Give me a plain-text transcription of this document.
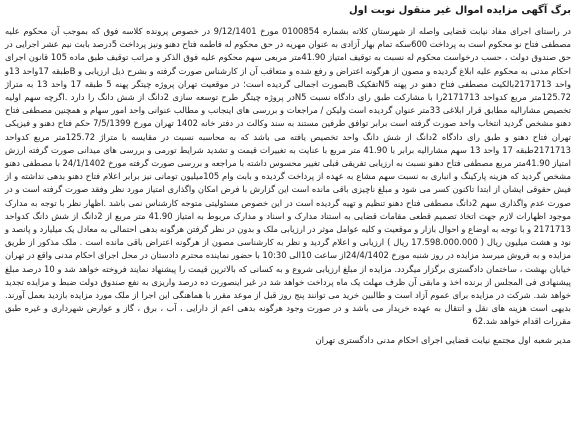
برگ آگهی مزایده اموال غیر منقول نوبت اول

در راستای اجرای مفاد نیابت قضایی واصله از شهرستان کلاته بشماره 0100854 مورخ 9/12/1401 در خصوص پرونده کلاسه فوق که بموجب آن محکوم علیه مصطفی فتاح نو محکوم است به پرداخت 600سکه تمام بهار آزادی به عنوان مهریه در حق محکوم له فاطمه فتاح دهنو ونیز پرداخت 5درصد بابت نیم عشر اجرایی در حق صندوق دولت ، حسب درخواست محکوم له نسبت به توقیف امتیاز 41.90متر مربعی سهم محکوم علیه فوق الذکر و مراتب توقیف طبق ماده 105 قانون اجرای احکام مدنی به محکوم علیه ابلاغ گردیده و مصون از هرگونه اعتراض و رفع شده و متعاقب آن از کارشناس صورت گرفته و بشرح ذیل ارزیابی و Bطبقه 17واحد 13و واحد 2171713بالکیت مصطفی فتاح دهنو در پهنه N5تفکیک Bبصورت اجمالی گردیده است؛ در موقعیت تهران پروژه چیتگر پهنه 5 طبقه 17 واحد 13 به متراژ 125.72متر مربع کدواحد 2171713را با مشارکت طبق رای دادگاه نسبت N5در پروژه چیتگر طرح توسعه سازی 2دانگ از شش دانگ را دارد .اگرچه سهم اولیه تخصیص مشارالیه مطابق قرار ابلاغی 33متر عنوان گردیده است ولیکن / مراجعات و بررسی های اینجانب و مطالب عنوانی واحد امور سهام و همچنین مصطفی فتاح دهنو مشخص گردید انتخاب واحد صورت گرفته است برابر توافق طرفین مستند به سند وکالت در دفتر خانه 1402 تهران مورخ 7/5/1399 حکم فتاح دهنو و فیزیکی تهران فتاح دهنو و طبق رای دادگاه 2دانگ از شش دانگ واحد تخصیص یافته می باشد که به محاسبه نسبت در مقایسه با متراژ 125.72متر مربع کدواحد 2171713طبقه 17 واحد 13 سهم مشارالیه برابر با 41.90 متر مربع با عنایت به تغییرات قیمت و تشدید شرایط تورمی و بررسی های میدانی صورت گرفته ارزش امتیاز 41.90متر مربع مصطفی فتاح دهنو نسبت به ارزیابی تفریقی قبلی تغییر محسوس داشته با مراجعه و بررسی صورت گرفته مورخ 24/1/1402 با مصطفی دهنو مشخص گردید که هزینه پارکینگ و انباری به نسبت سهم مشاع به عهده از پرداخت گردیده و بابت وام 105میلیون تومانی نیز برابر اعلام فتاح دهنو بدهی نداشته و از فیش حقوقی ایشان از ابتدا تاکنون کسر می شود و مبلغ ناچیزی باقی مانده است این گزارش با فرض امکان واگذاری امتیاز مورد نظر وفقد صورت گرفته است و در صورت عدم واگذاری سهم 2دانگ مصطفی فتاح دهنو تنظیم و تهیه گردیده است در این خصوص مسئولیتی متوجه کارشناس نمی باشد .اظهار نظر با توجه به مدارک موجود اظهارات لازم جهت اتخاذ تصمیم قطعی مقامات قضایی به استناد مدارک و اسناد و مدارک مربوط به امتیاز 41.90 متر مربع از 2دانگ از شش دانگ کدواحد 2171713 و با توجه به اوضاع و احوال بازار و موقعیت و کلیه عوامل موثر در ارزیابی ملک و بدون در نظر گرفتن هرگونه بدهی احتمالی به معادل یک میلیارد و پانصد و نود و هشت میلیون ریال ( 17.598.000.000 ریال ) ارزیابی و اعلام گردید و نظر به کارشناسی مصون از هرگونه اعتراض باقی مانده است . ملک مذکور از طریق مزایده و به فروش میرسد مزایده در روز شنبه مورخ 24/4/1402از ساعت 10الی 10:30 با حضور نماینده محترم دادستان در محل اجرای احکام مدنی واقع در تهران خیابان بهشت ، ساختمان دادگستری برگزار میگردد. مزایده از مبلغ ارزیابی شروع و به کسانی که بالاترین قیمت را پیشنهاد نمایند فروخته خواهد شد و 10 درصد مبلغ پیشنهادی فی المجلس از برنده اخذ و مابقی آن ظرف مهلت یک ماه پرداخت خواهد شد در غیر اینصورت ده درصد واریزی به نفع صندوق دولت ضبط و مزایده تجدید خواهد شد. شرکت در مزایده برای عموم آزاد است و طالبین خرید می توانند پنج روز قبل از موعد مقرر با هماهنگی این اجرا از ملک مورد مزایده بازدید بعمل آورند. بدیهی است هزینه های نقل و انتقال به عهده خریدار می باشد و در صورت وجود هرگونه بدهی اعم از دارایی ، آب ، برق ، گاز و عوارض شهرداری و غیره طبق مقررات اقدام خواهد شد.62

مدیر شعبه اول مجتمع نیابت قضایی اجرای احکام مدنی دادگستری تهران
